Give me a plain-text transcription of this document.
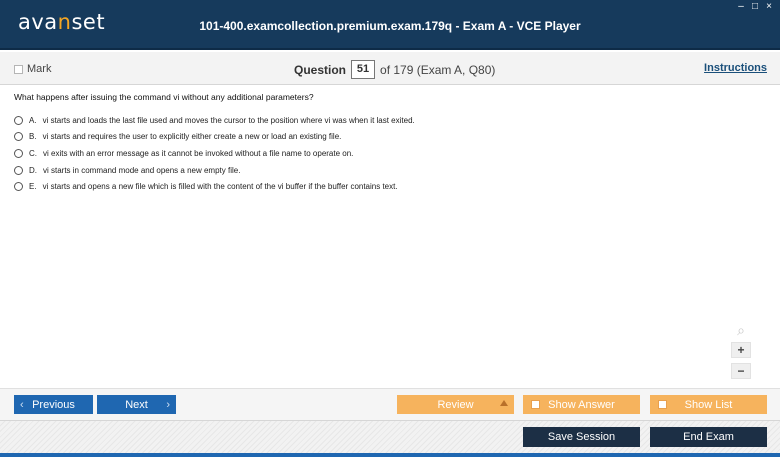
avanset	101-400.examcollection.premium.exam.179q - Exam A - VCE Player
– □ ×
Mark	Question 51 of 179 (Exam A, Q80)	Instructions
What happens after issuing the command vi without any additional parameters?
A. vi starts and loads the last file used and moves the cursor to the position where vi was when it last exited.
B. vi starts and requires the user to explicitly either create a new or load an existing file.
C. vi exits with an error message as it cannot be invoked without a file name to operate on.
D. vi starts in command mode and opens a new empty file.
E. vi starts and opens a new file which is filled with the content of the vi buffer if the buffer contains text.
⌕
+
−
‹ Previous	Next ›	Review	Show Answer	Show List
Save Session	End Exam
